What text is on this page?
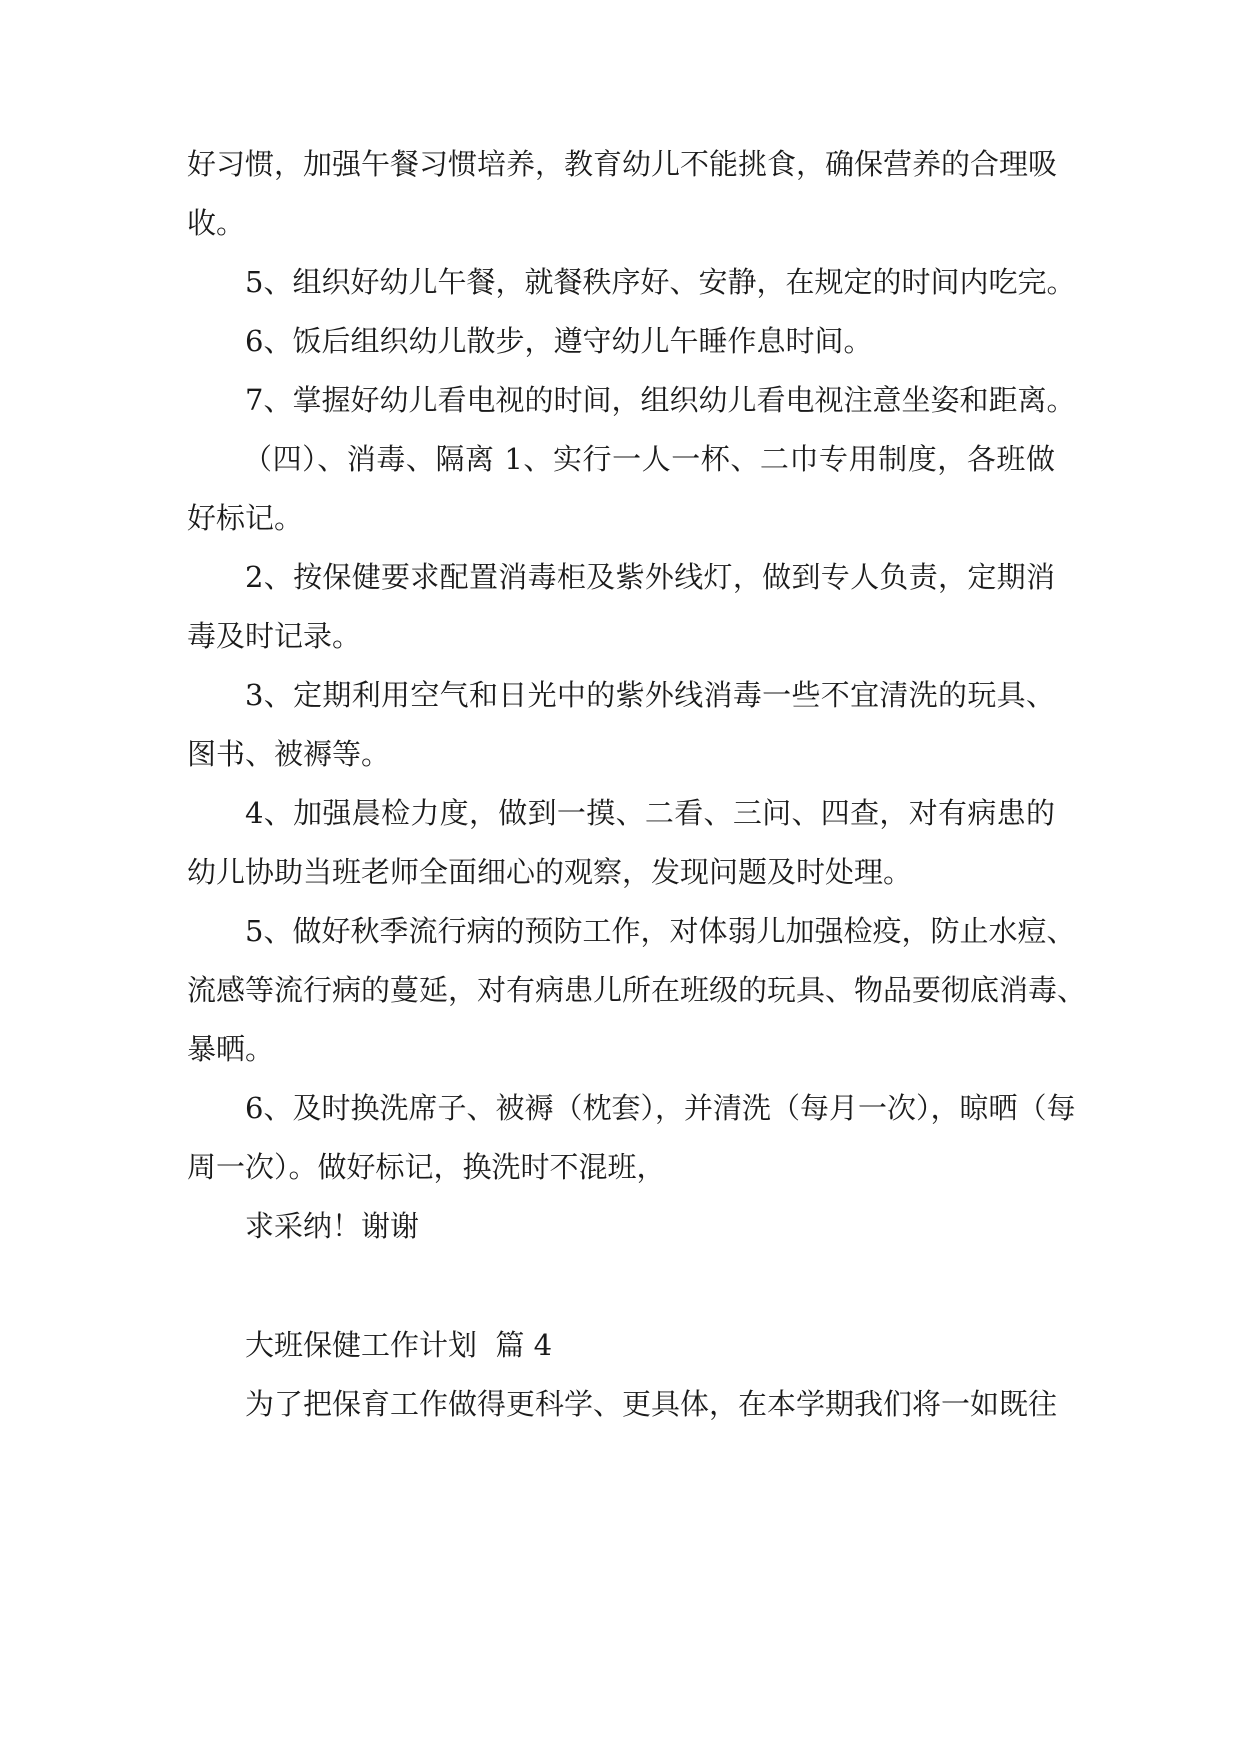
好习惯，加强午餐习惯培养，教育幼儿不能挑食，确保营养的合理吸
收。
5、组织好幼儿午餐，就餐秩序好、安静，在规定的时间内吃完。
6、饭后组织幼儿散步，遵守幼儿午睡作息时间。
7、掌握好幼儿看电视的时间，组织幼儿看电视注意坐姿和距离。
（四）、消毒、隔离 1、实行一人一杯、二巾专用制度，各班做
好标记。
2、按保健要求配置消毒柜及紫外线灯，做到专人负责，定期消
毒及时记录。
3、定期利用空气和日光中的紫外线消毒一些不宜清洗的玩具、
图书、被褥等。
4、加强晨检力度，做到一摸、二看、三问、四查，对有病患的
幼儿协助当班老师全面细心的观察，发现问题及时处理。
5、做好秋季流行病的预防工作，对体弱儿加强检疫，防止水痘、
流感等流行病的蔓延，对有病患儿所在班级的玩具、物品要彻底消毒、
暴晒。
6、及时换洗席子、被褥（枕套），并清洗（每月一次），晾晒（每
周一次）。做好标记，换洗时不混班，
求采纳！谢谢
大班保健工作计划  篇 4
为了把保育工作做得更科学、更具体，在本学期我们将一如既往
